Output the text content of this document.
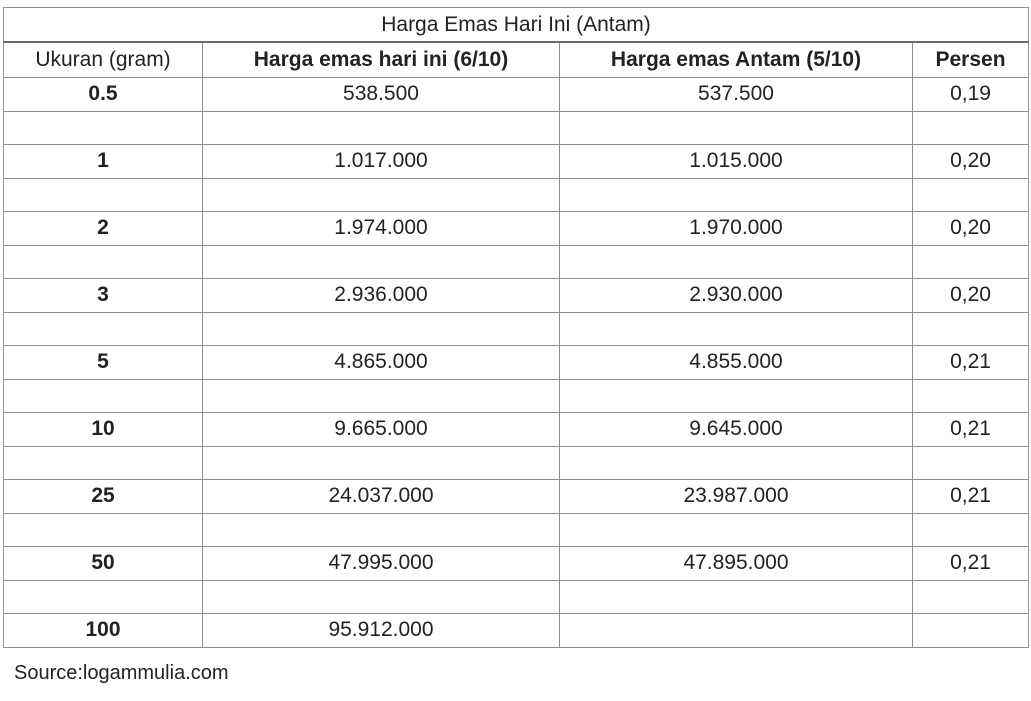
Harga Emas Hari Ini (Antam)			
Ukuran (gram)	Harga emas hari ini (6/10)	Harga emas Antam (5/10)	Persen
0.5	538.500	537.500	0,19

1	1.017.000	1.015.000	0,20

2	1.974.000	1.970.000	0,20

3	2.936.000	2.930.000	0,20

5	4.865.000	4.855.000	0,21

10	9.665.000	9.645.000	0,21

25	24.037.000	23.987.000	0,21

50	47.995.000	47.895.000	0,21

100	95.912.000		
Source:logammulia.com
